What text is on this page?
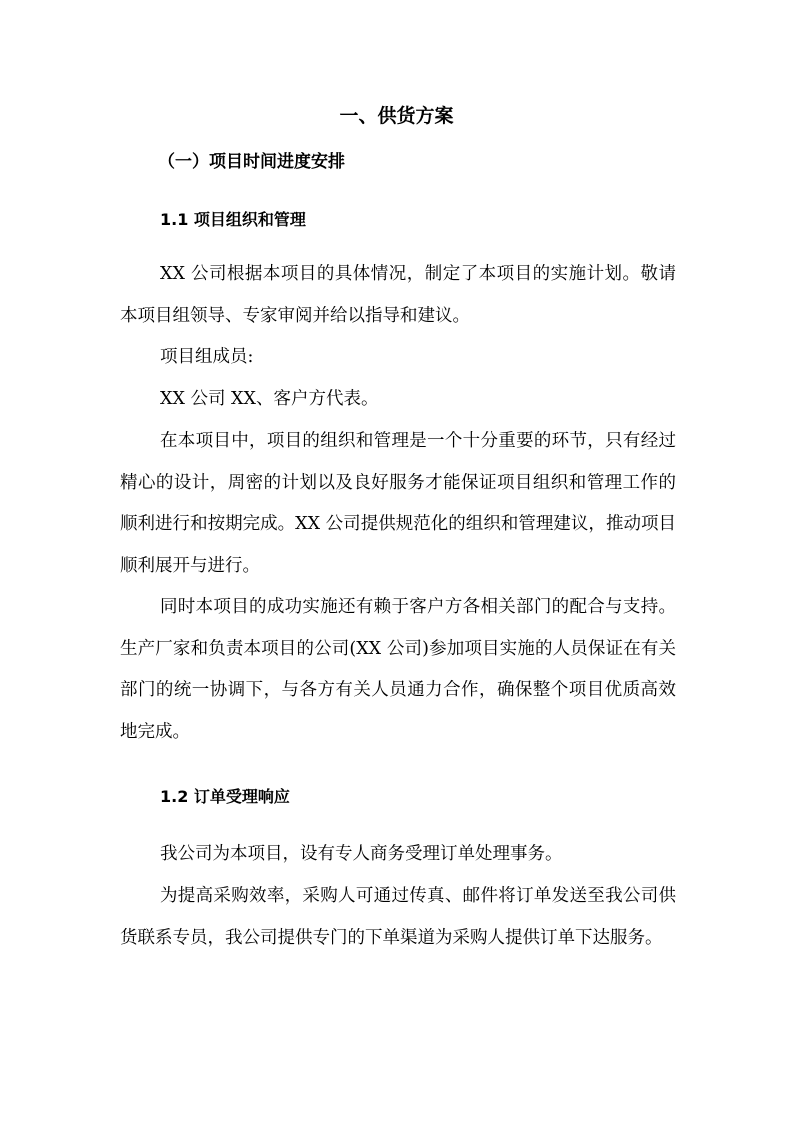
一、供货方案
（一）项目时间进度安排
1.1 项目组织和管理

XX 公司根据本项目的具体情况，制定了本项目的实施计划。敬请本项目组领导、专家审阅并给以指导和建议。

项目组成员:

XX 公司 XX、客户方代表。

在本项目中，项目的组织和管理是一个十分重要的环节，只有经过精心的设计，周密的计划以及良好服务才能保证项目组织和管理工作的顺利进行和按期完成。XX 公司提供规范化的组织和管理建议，推动项目顺利展开与进行。

同时本项目的成功实施还有赖于客户方各相关部门的配合与支持。生产厂家和负责本项目的公司(XX 公司)参加项目实施的人员保证在有关部门的统一协调下，与各方有关人员通力合作，确保整个项目优质高效地完成。

1.2 订单受理响应

我公司为本项目，设有专人商务受理订单处理事务。

为提高采购效率，采购人可通过传真、邮件将订单发送至我公司供货联系专员，我公司提供专门的下单渠道为采购人提供订单下达服务。
